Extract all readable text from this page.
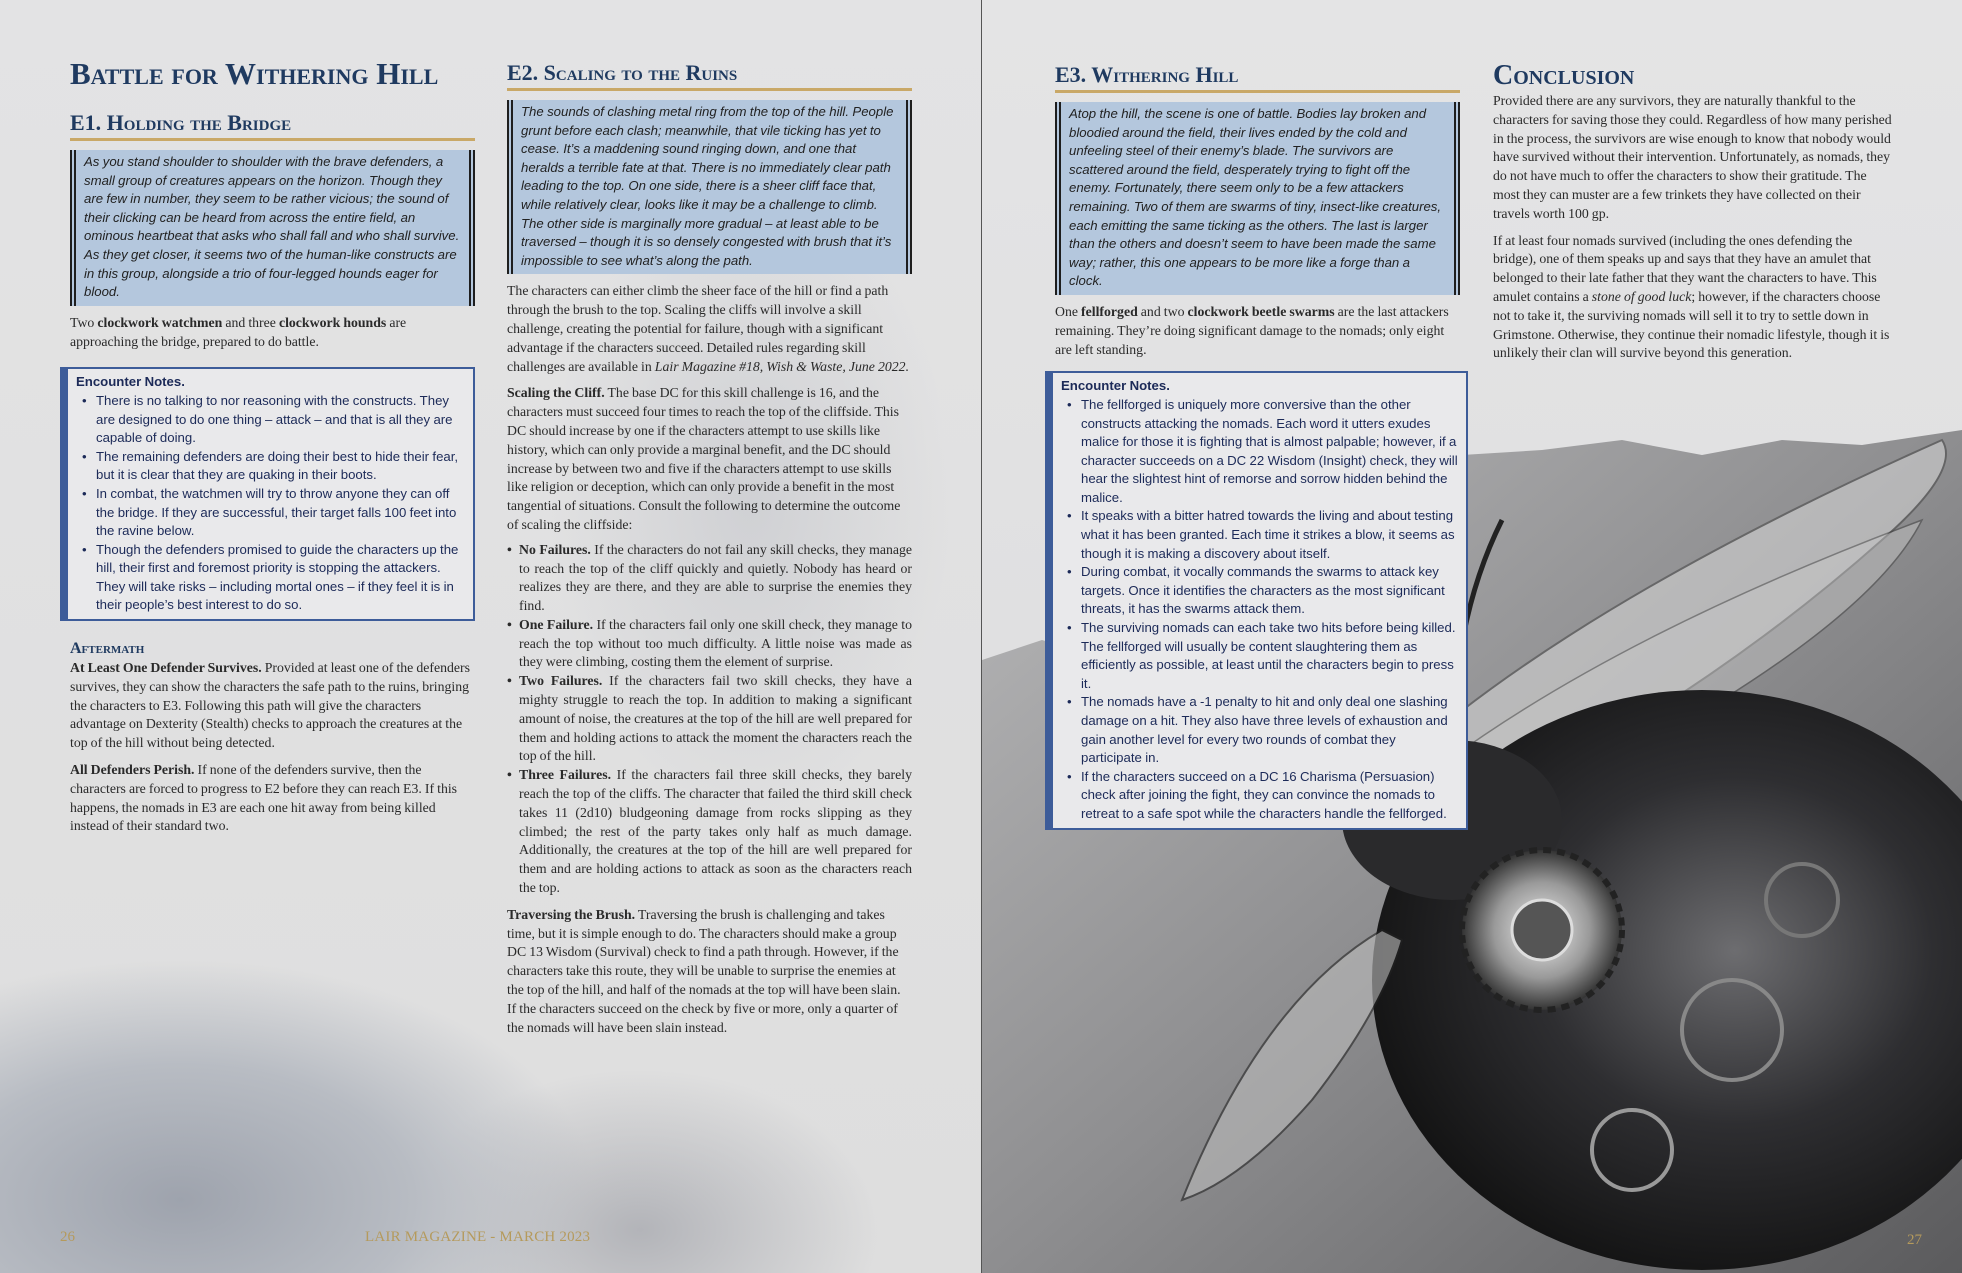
Battle for Withering Hill
E1. Holding the Bridge
As you stand shoulder to shoulder with the brave defenders, a small group of creatures appears on the horizon. Though they are few in number, they seem to be rather vicious; the sound of their clicking can be heard from across the entire field, an ominous heartbeat that asks who shall fall and who shall survive. As they get closer, it seems two of the human-like constructs are in this group, alongside a trio of four-legged hounds eager for blood.

Two clockwork watchmen and three clockwork hounds are approaching the bridge, prepared to do battle.

Encounter Notes.
• There is no talking to nor reasoning with the constructs. They are designed to do one thing – attack – and that is all they are capable of doing.
• The remaining defenders are doing their best to hide their fear, but it is clear that they are quaking in their boots.
• In combat, the watchmen will try to throw anyone they can off the bridge. If they are successful, their target falls 100 feet into the ravine below.
• Though the defenders promised to guide the characters up the hill, their first and foremost priority is stopping the attackers. They will take risks – including mortal ones – if they feel it is in their people’s best interest to do so.
Aftermath

At Least One Defender Survives. Provided at least one of the defenders survives, they can show the characters the safe path to the ruins, bringing the characters to E3. Following this path will give the characters advantage on Dexterity (Stealth) checks to approach the creatures at the top of the hill without being detected.

All Defenders Perish. If none of the defenders survive, then the characters are forced to progress to E2 before they can reach E3. If this happens, the nomads in E3 are each one hit away from being killed instead of their standard two.

E2. Scaling to the Ruins
The sounds of clashing metal ring from the top of the hill. People grunt before each clash; meanwhile, that vile ticking has yet to cease. It’s a maddening sound ringing down, and one that heralds a terrible fate at that. There is no immediately clear path leading to the top. On one side, there is a sheer cliff face that, while relatively clear, looks like it may be a challenge to climb. The other side is marginally more gradual – at least able to be traversed – though it is so densely congested with brush that it’s impossible to see what’s along the path.

The characters can either climb the sheer face of the hill or find a path through the brush to the top. Scaling the cliffs will involve a skill challenge, creating the potential for failure, though with a significant advantage if the characters succeed. Detailed rules regarding skill challenges are available in Lair Magazine #18, Wish & Waste, June 2022.

Scaling the Cliff. The base DC for this skill challenge is 16, and the characters must succeed four times to reach the top of the cliffside. This DC should increase by one if the characters attempt to use skills like history, which can only provide a marginal benefit, and the DC should increase by between two and five if the characters attempt to use skills like religion or deception, which can only provide a benefit in the most tangential of situations. Consult the following to determine the outcome of scaling the cliffside:

• No Failures. If the characters do not fail any skill checks, they manage to reach the top of the cliff quickly and quietly. Nobody has heard or realizes they are there, and they are able to surprise the enemies they find.
• One Failure. If the characters fail only one skill check, they manage to reach the top without too much difficulty. A little noise was made as they were climbing, costing them the element of surprise.
• Two Failures. If the characters fail two skill checks, they have a mighty struggle to reach the top. In addition to making a significant amount of noise, the creatures at the top of the hill are well prepared for them and holding actions to attack the moment the characters reach the top of the hill.
• Three Failures. If the characters fail three skill checks, they barely reach the top of the cliffs. The character that failed the third skill check takes 11 (2d10) bludgeoning damage from rocks slipping as they climbed; the rest of the party takes only half as much damage. Additionally, the creatures at the top of the hill are well prepared for them and are holding actions to attack as soon as the characters reach the top.

Traversing the Brush. Traversing the brush is challenging and takes time, but it is simple enough to do. The characters should make a group DC 13 Wisdom (Survival) check to find a path through. However, if the characters take this route, they will be unable to surprise the enemies at the top of the hill, and half of the nomads at the top will have been slain. If the characters succeed on the check by five or more, only a quarter of the nomads will have been slain instead.

26	LAIR MAGAZINE - MARCH 2023
E3. Withering Hill
Atop the hill, the scene is one of battle. Bodies lay broken and bloodied around the field, their lives ended by the cold and unfeeling steel of their enemy’s blade. The survivors are scattered around the field, desperately trying to fight off the enemy. Fortunately, there seem only to be a few attackers remaining. Two of them are swarms of tiny, insect-like creatures, each emitting the same ticking as the others. The last is larger than the others and doesn’t seem to have been made the same way; rather, this one appears to be more like a forge than a clock.

One fellforged and two clockwork beetle swarms are the last attackers remaining. They’re doing significant damage to the nomads; only eight are left standing.

Encounter Notes.
• The fellforged is uniquely more conversive than the other constructs attacking the nomads. Each word it utters exudes malice for those it is fighting that is almost palpable; however, if a character succeeds on a DC 22 Wisdom (Insight) check, they will hear the slightest hint of remorse and sorrow hidden behind the malice.
• It speaks with a bitter hatred towards the living and about testing what it has been granted. Each time it strikes a blow, it seems as though it is making a discovery about itself.
• During combat, it vocally commands the swarms to attack key targets. Once it identifies the characters as the most significant threats, it has the swarms attack them.
• The surviving nomads can each take two hits before being killed. The fellforged will usually be content slaughtering them as efficiently as possible, at least until the characters begin to press it.
• The nomads have a -1 penalty to hit and only deal one slashing damage on a hit. They also have three levels of exhaustion and gain another level for every two rounds of combat they participate in.
• If the characters succeed on a DC 16 Charisma (Persuasion) check after joining the fight, they can convince the nomads to retreat to a safe spot while the characters handle the fellforged.
Conclusion

Provided there are any survivors, they are naturally thankful to the characters for saving those they could. Regardless of how many perished in the process, the survivors are wise enough to know that nobody would have survived without their intervention. Unfortunately, as nomads, they do not have much to offer the characters to show their gratitude. The most they can muster are a few trinkets they have collected on their travels worth 100 gp.

If at least four nomads survived (including the ones defending the bridge), one of them speaks up and says that they have an amulet that belonged to their late father that they want the characters to have. This amulet contains a stone of good luck; however, if the characters choose not to take it, the surviving nomads will sell it to try to settle down in Grimstone. Otherwise, they continue their nomadic lifestyle, though it is unlikely their clan will survive beyond this generation.

27
